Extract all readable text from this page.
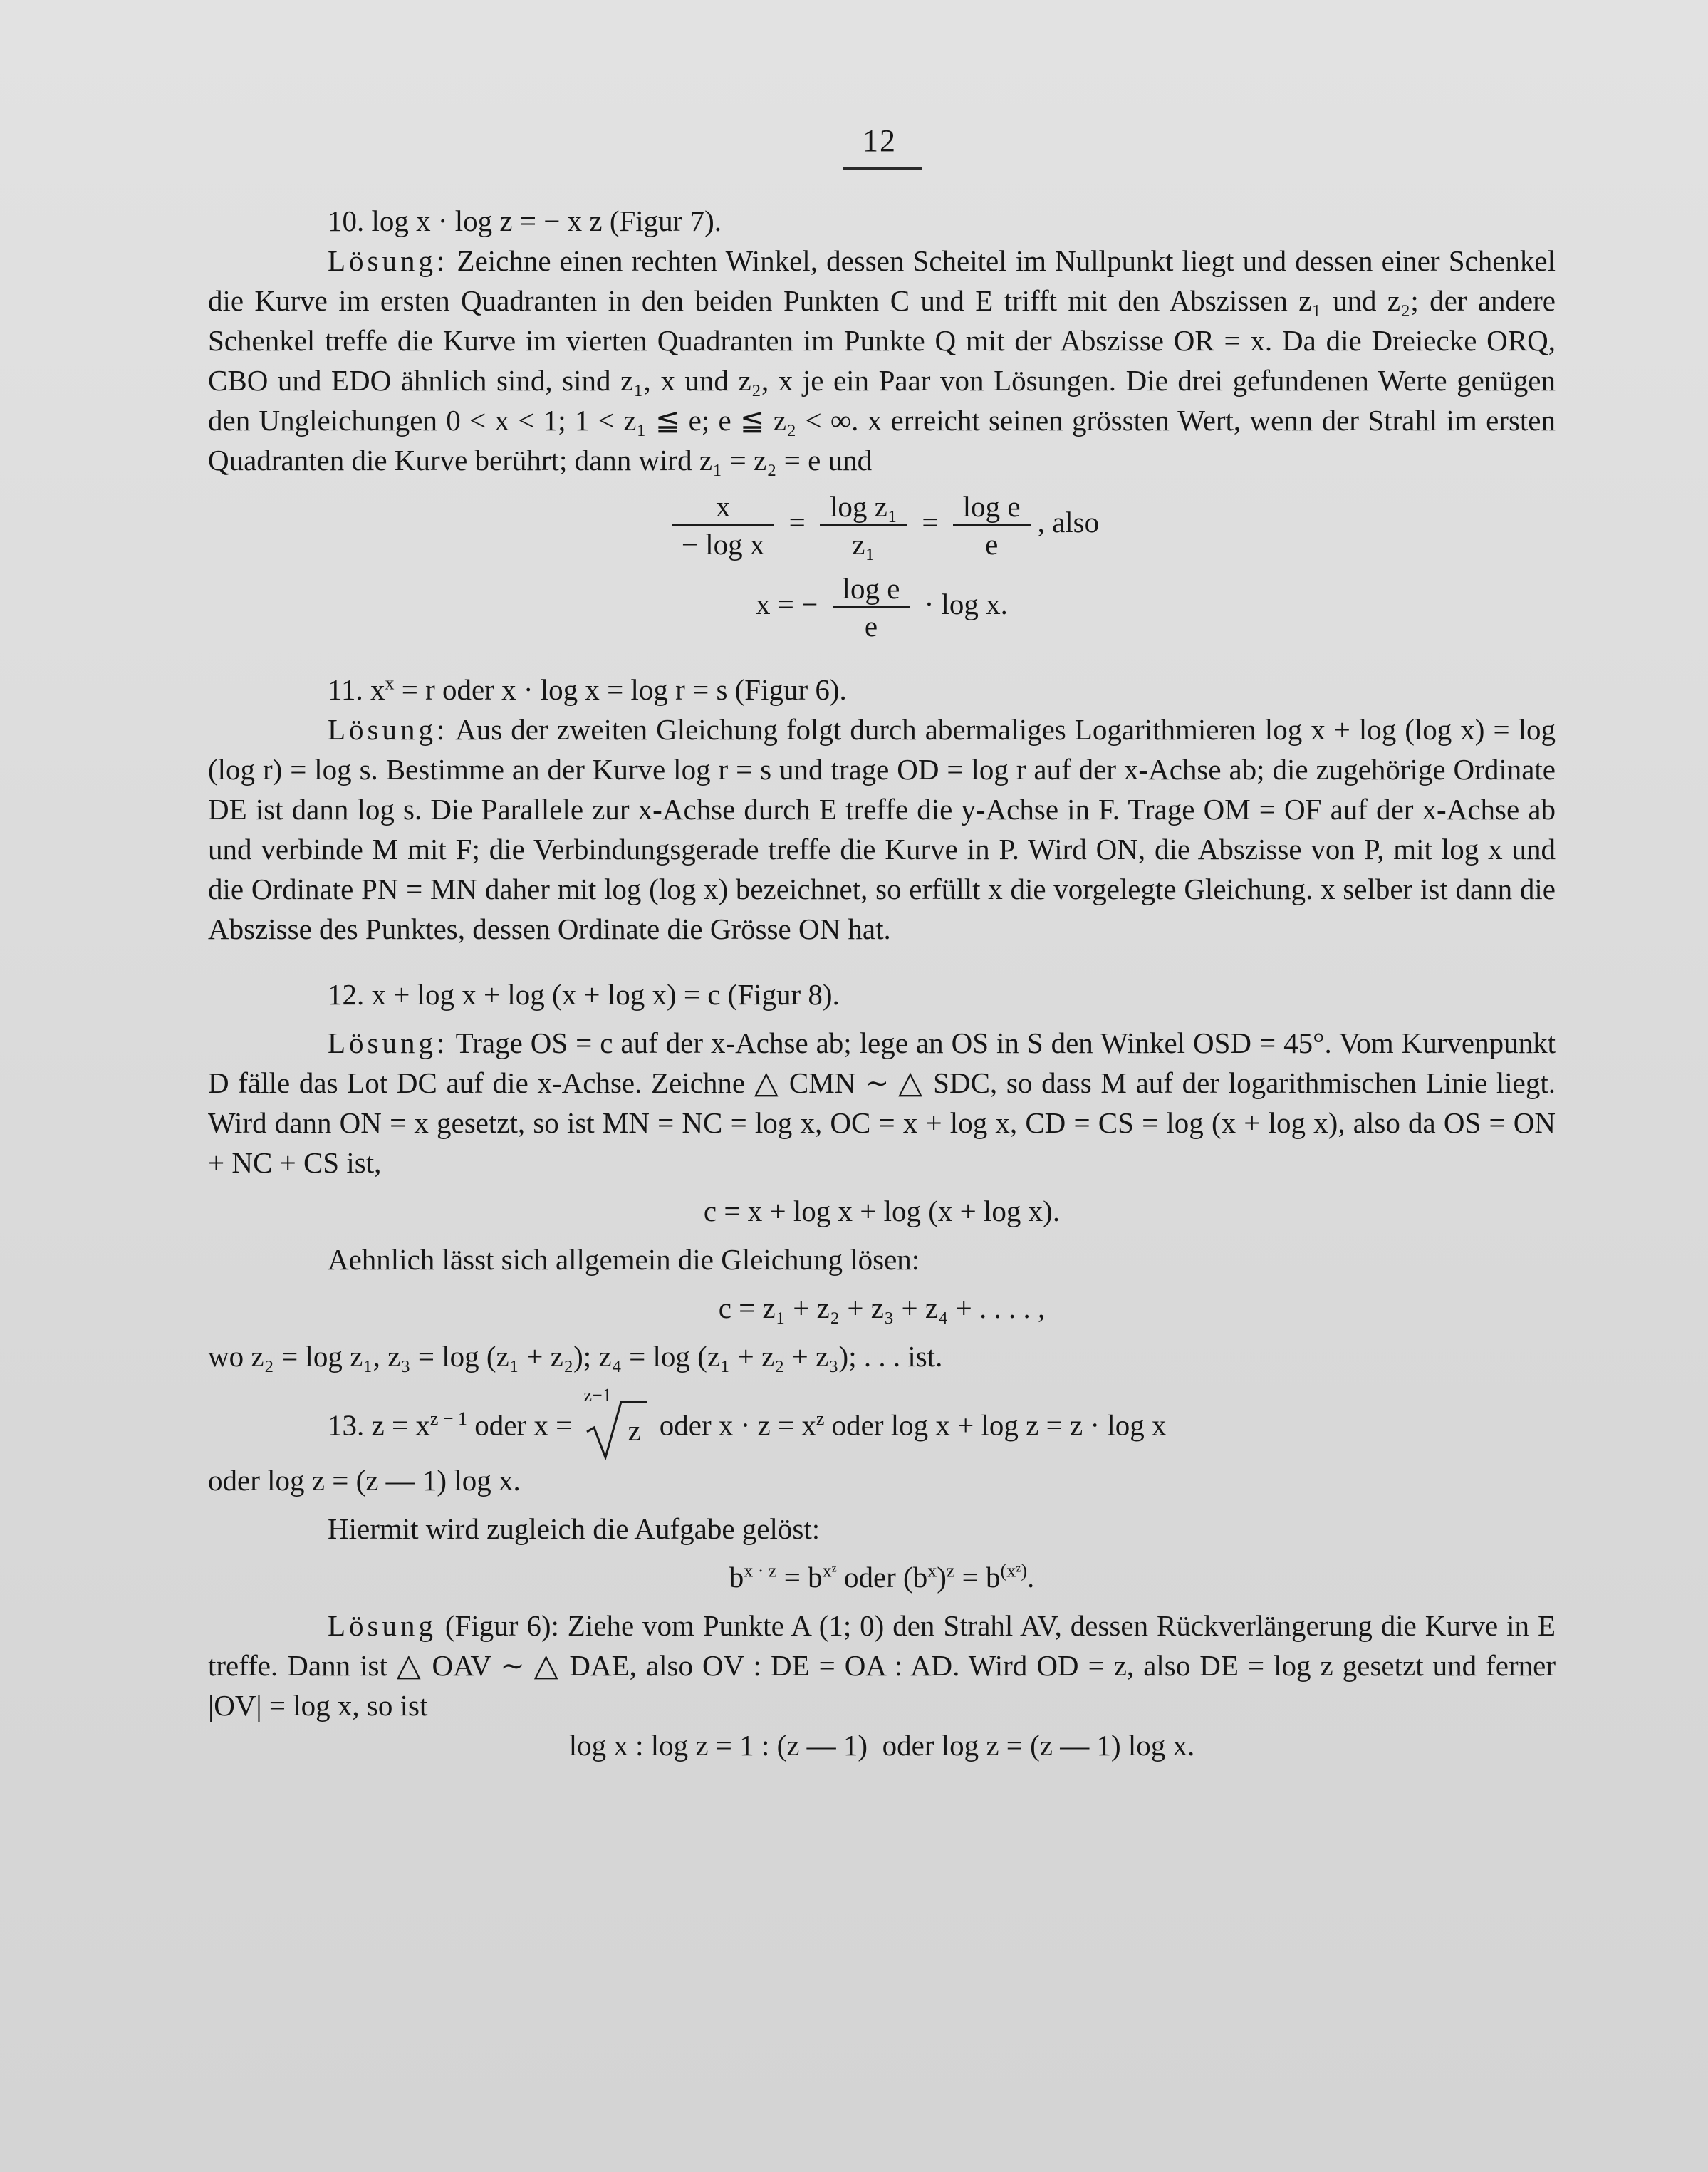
12

10. log x · log z = − x z (Figur 7).

Lösung: Zeichne einen rechten Winkel, dessen Scheitel im Nullpunkt liegt und dessen einer Schenkel die Kurve im ersten Quadranten in den beiden Punkten C und E trifft mit den Abszissen z₁ und z₂; der andere Schenkel treffe die Kurve im vierten Quadranten im Punkte Q mit der Abszisse OR = x. Da die Dreiecke ORQ, CBO und EDO ähnlich sind, sind z₁, x und z₂, x je ein Paar von Lösungen. Die drei gefundenen Werte genügen den Ungleichungen 0 < x < 1; 1 < z₁ ≦ e; e ≦ z₂ < ∞. x erreicht seinen grössten Wert, wenn der Strahl im ersten Quadranten die Kurve berührt; dann wird z₁ = z₂ = e und

$\frac{x}{\text{− log x}} = \frac{\text{log z₁}}{\text{z₁}} = \frac{\text{log e}}{e}$ , also

x = − $\frac{\text{log e}}{e} \cdot \log x$.

11. $x^x = r$ oder x · log x = log r = s (Figur 6).

Lösung: Aus der zweiten Gleichung folgt durch abermaliges Logarithmieren log x + log (log x) = log (log r) = log s. Bestimme an der Kurve log r = s und trage OD = log r auf der x-Achse ab; die zugehörige Ordinate DE ist dann log s. Die Parallele zur x-Achse durch E treffe die y-Achse in F. Trage OM = OF auf der x-Achse ab und verbinde M mit F; die Verbindungsgerade treffe die Kurve in P. Wird ON, die Abszisse von P, mit log x und die Ordinate PN = MN daher mit log (log x) bezeichnet, so erfüllt x die vorgelegte Gleichung. x selber ist dann die Abszisse des Punktes, dessen Ordinate die Grösse ON hat.

12. x + log x + log (x + log x) = c (Figur 8).

Lösung: Trage OS = c auf der x-Achse ab; lege an OS in S den Winkel OSD = 45°. Vom Kurvenpunkt D fälle das Lot DC auf die x-Achse. Zeichne △ CMN ∼ △ SDC, so dass M auf der logarithmischen Linie liegt. Wird dann ON = x gesetzt, so ist MN = NC = log x, OC = x + log x, CD = CS = log (x + log x), also da OS = ON + NC + CS ist,

c = x + log x + log (x + log x).

Aehnlich lässt sich allgemein die Gleichung lösen:

c = z₁ + z₂ + z₃ + z₄ + . . . . ,

wo z₂ = log z₁, z₃ = log (z₁ + z₂); z₄ = log (z₁ + z₂ + z₃); . . . ist.

13. $z = x^{z - 1}$ oder x =
z−1
z oder $x \cdot z = x^z$ oder log x + log z = z · log x

oder log z = (z — 1) log x.

Hiermit wird zugleich die Aufgabe gelöst:

$b^{x \cdot z} = b^{xᶻ}$ oder $(b^x)^z = b^{(xᶻ)}$.

Lösung (Figur 6): Ziehe vom Punkte A (1; 0) den Strahl AV, dessen Rückverlängerung die Kurve in E treffe. Dann ist △ OAV ∼ △ DAE, also OV : DE = OA : AD. Wird OD = z, also DE = log z gesetzt und ferner |OV| = log x, so ist

log x : log z = 1 : (z — 1)  oder log z = (z — 1) log x.
